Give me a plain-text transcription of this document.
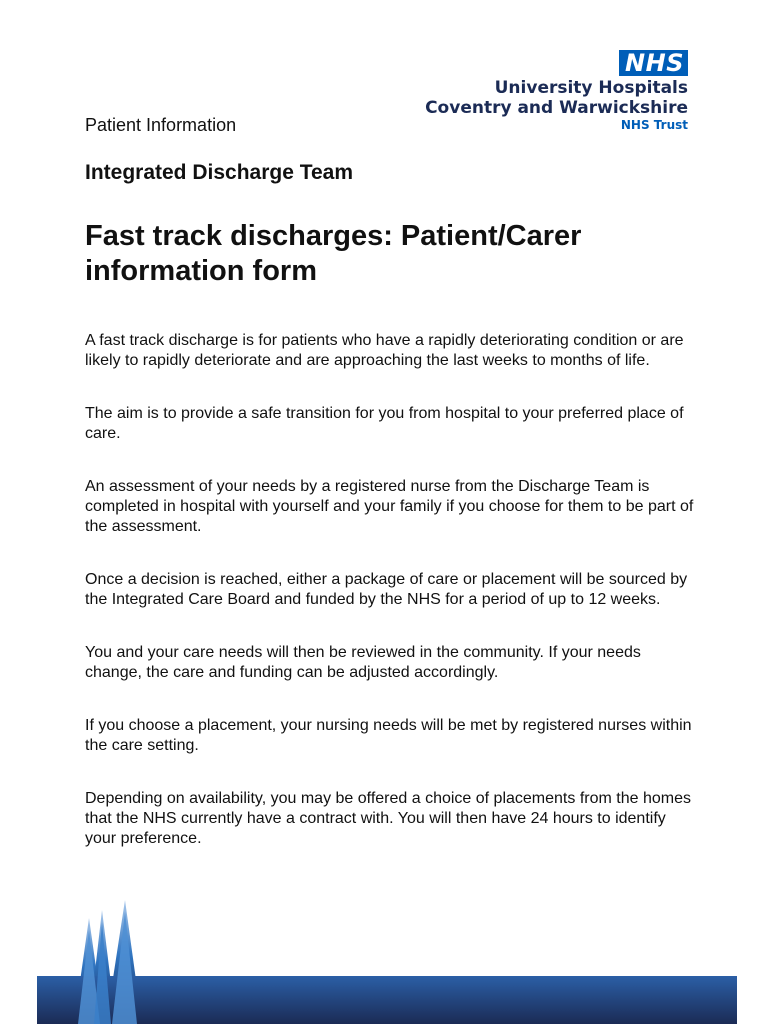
NHS
University Hospitals
Coventry and Warwickshire
NHS Trust
Patient Information
Integrated Discharge Team
Fast track discharges: Patient/Carer information form

A fast track discharge is for patients who have a rapidly deteriorating condition or are likely to rapidly deteriorate and are approaching the last weeks to months of life.

The aim is to provide a safe transition for you from hospital to your preferred place of care.

An assessment of your needs by a registered nurse from the Discharge Team is completed in hospital with yourself and your family if you choose for them to be part of the assessment.

Once a decision is reached, either a package of care or placement will be sourced by the Integrated Care Board and funded by the NHS for a period of up to 12 weeks.

You and your care needs will then be reviewed in the community. If your needs change, the care and funding can be adjusted accordingly.

If you choose a placement, your nursing needs will be met by registered nurses within the care setting.

Depending on availability, you may be offered a choice of placements from the homes that the NHS currently have a contract with. You will then have 24 hours to identify your preference.
